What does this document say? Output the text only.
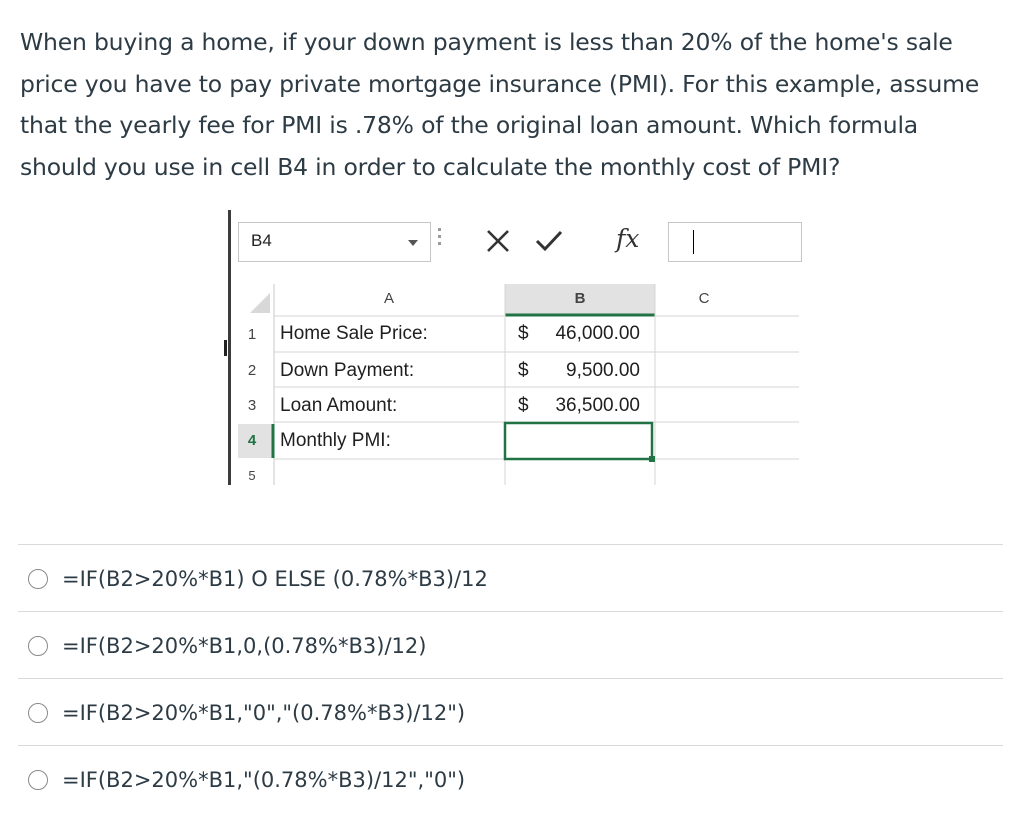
When buying a home, if your down payment is less than 20% of the home's sale
price you have to pay private mortgage insurance (PMI). For this example, assume
that the yearly fee for PMI is .78% of the original loan amount. Which formula
should you use in cell B4 in order to calculate the monthly cost of PMI?
B4	fx
A	B	C
1	Home Sale Price:	$ 46,000.00
2	Down Payment:	$ 9,500.00
3	Loan Amount:	$ 36,500.00
4	Monthly PMI:
5
=IF(B2>20%*B1) O ELSE (0.78%*B3)/12
=IF(B2>20%*B1,0,(0.78%*B3)/12)
=IF(B2>20%*B1,"0","(0.78%*B3)/12")
=IF(B2>20%*B1,"(0.78%*B3)/12","0")
